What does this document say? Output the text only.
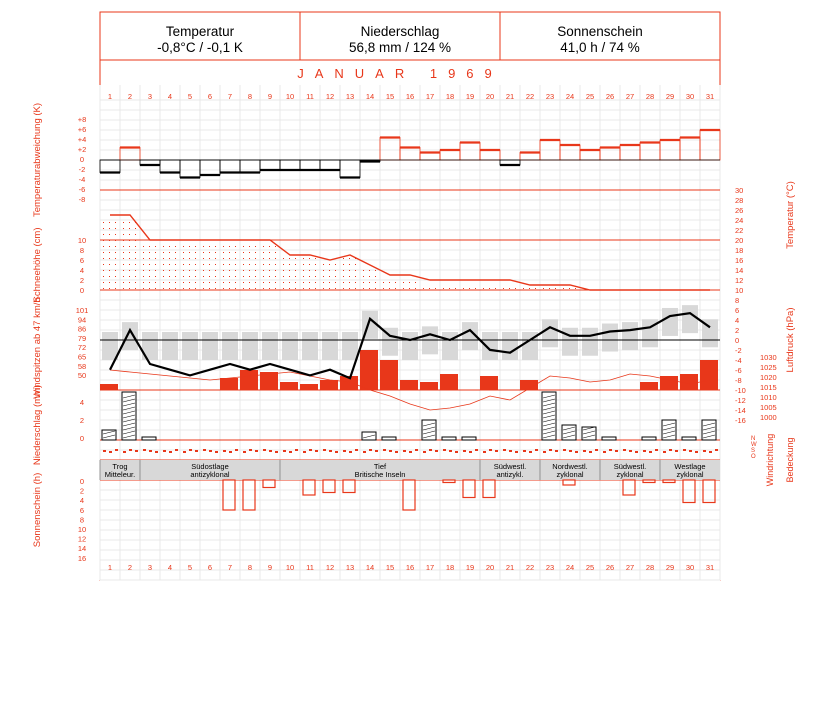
Temperatur
-0,8°C / -0,1 K
Niederschlag
56,8 mm / 124 %
Sonnenschein
41,0 h / 74 %
JANUAR 1969
1 2 3 4 5 6 7 8 9 10 11 12 13 14 15 16 17 18 19 20 21 22 23 24 25 26 27 28 29 30 31
1 2 3 4 5 6 7 8 9 10 11 12 13 14 15 16 17 18 19 20 21 22 23 24 25 26 27 28 29 30 31
Trog
Mitteleur.
Südostlage
antizyklonal
Tief
Britische Inseln
Südwestl.
antizykl.
Nordwestl.
zyklonal
Südwestl.
zyklonal
Westlage
zyklonal
+8
+6
+4
+2
0
-2
-4
-6
-8
10
8
6
4
2
0
101
94
86
79
72
65
58
50
4
2
0
0
2
4
6
8
10
12
14
16
30
28
26
24
22
20
18
16
14
12
10
8
6
4
2
0
-2
-4
-6
-8
-10
-12
-14
-16
1030
1025
1020
1015
1010
1005
1000
Temperaturabweichung (K)
Schneehöhe (cm)
Windspitzen ab 47 km/h
Niederschlag (mm)
Sonnenschein (h)
Temperatur (°C)
Luftdruck (hPa)
Windrichtung Bedeckung
N
W
S
O
